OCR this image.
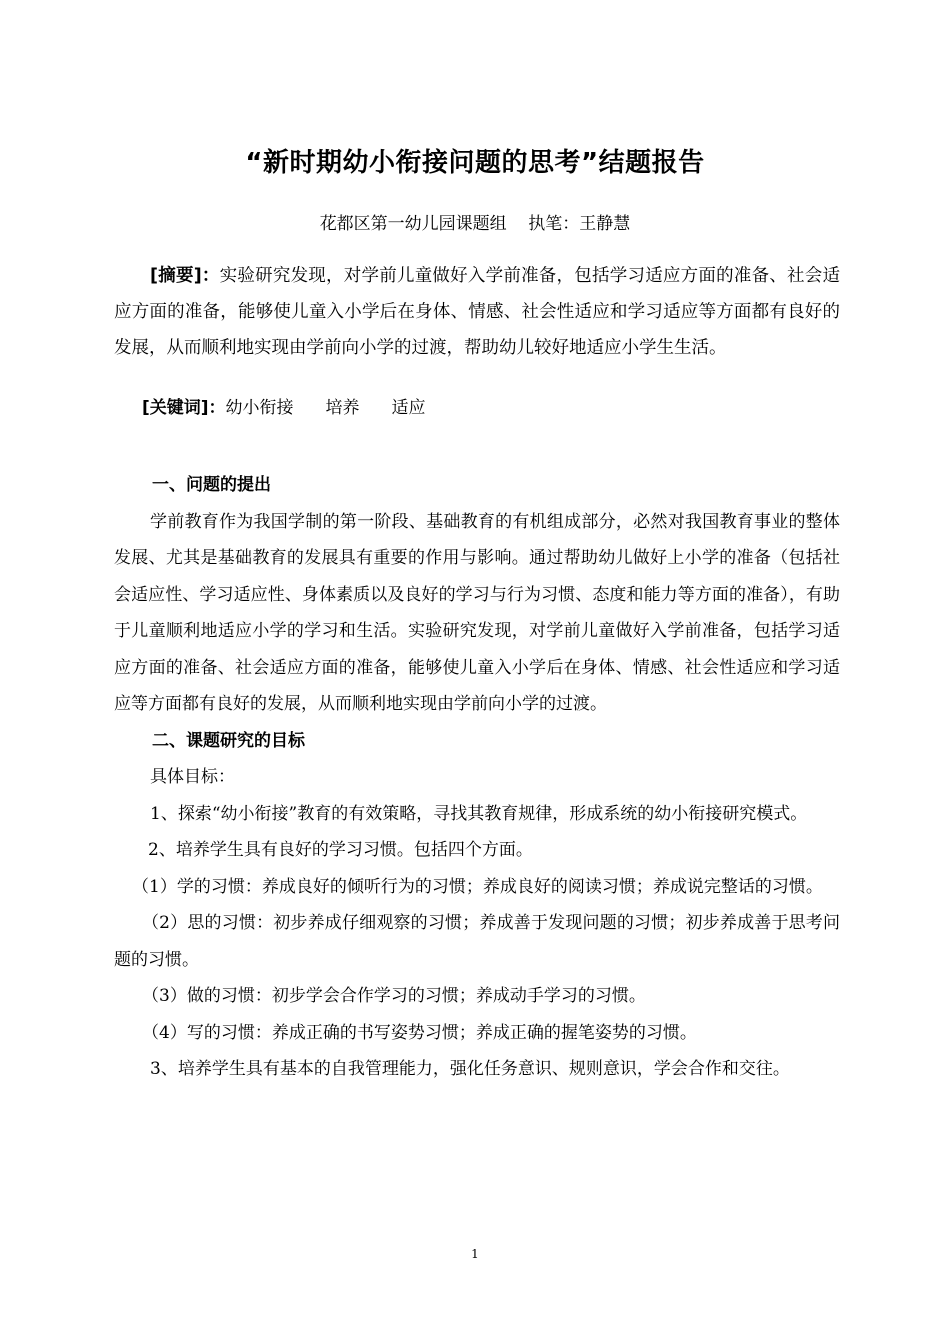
“新时期幼小衔接问题的思考”结题报告
花都区第一幼儿园课题组    执笔：王静慧

[摘要]：实验研究发现，对学前儿童做好入学前准备，包括学习适应方面的准备、社会适应方面的准备，能够使儿童入小学后在身体、情感、社会性适应和学习适应等方面都有良好的发展，从而顺利地实现由学前向小学的过渡，帮助幼儿较好地适应小学生生活。

[关键词]：幼小衔接 培养 适应

一、问题的提出

学前教育作为我国学制的第一阶段、基础教育的有机组成部分，必然对我国教育事业的整体发展、尤其是基础教育的发展具有重要的作用与影响。通过帮助幼儿做好上小学的准备（包括社会适应性、学习适应性、身体素质以及良好的学习与行为习惯、态度和能力等方面的准备），有助于儿童顺利地适应小学的学习和生活。实验研究发现，对学前儿童做好入学前准备，包括学习适应方面的准备、社会适应方面的准备，能够使儿童入小学后在身体、情感、社会性适应和学习适应等方面都有良好的发展，从而顺利地实现由学前向小学的过渡。

二、课题研究的目标

具体目标：

1、探索“幼小衔接”教育的有效策略，寻找其教育规律，形成系统的幼小衔接研究模式。

2、培养学生具有良好的学习习惯。包括四个方面。

（1）学的习惯：养成良好的倾听行为的习惯；养成良好的阅读习惯；养成说完整话的习惯。

（2）思的习惯：初步养成仔细观察的习惯；养成善于发现问题的习惯；初步养成善于思考问题的习惯。

（3）做的习惯：初步学会合作学习的习惯；养成动手学习的习惯。

（4）写的习惯：养成正确的书写姿势习惯；养成正确的握笔姿势的习惯。

3、培养学生具有基本的自我管理能力，强化任务意识、规则意识，学会合作和交往。

1
